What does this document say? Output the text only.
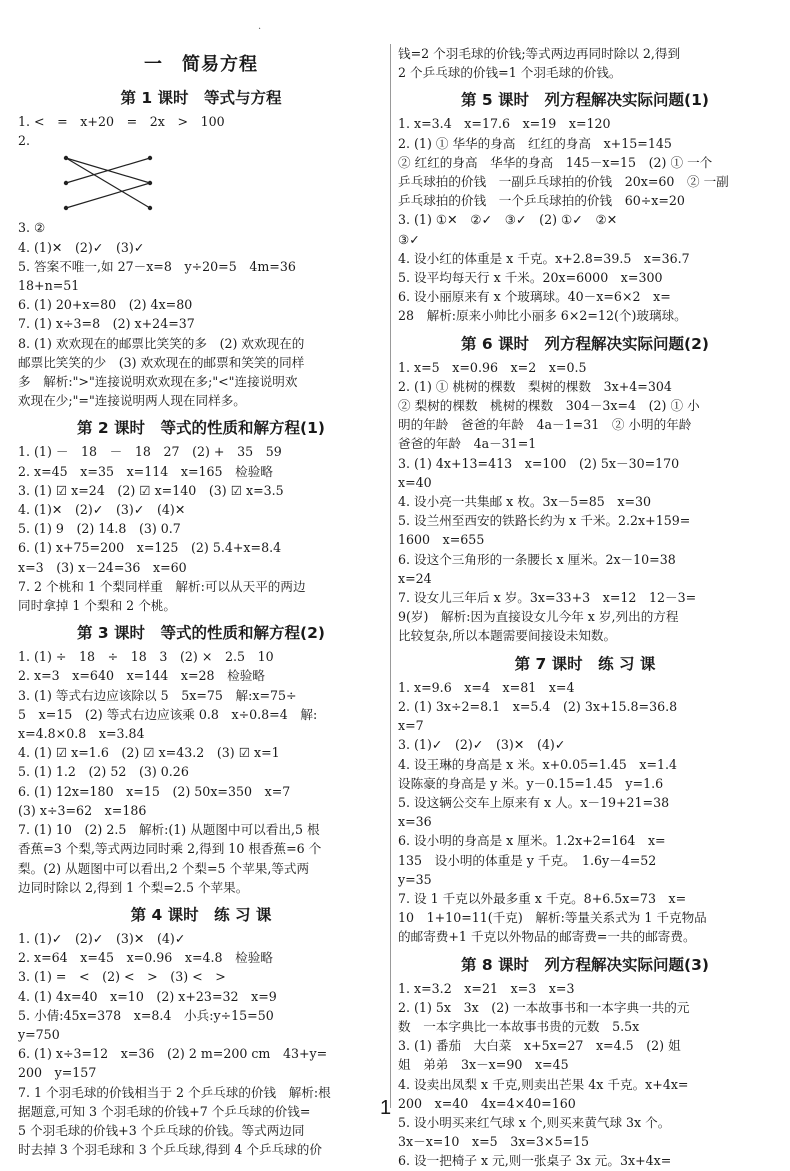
·
一　简易方程
第 1 课时　等式与方程
1. <　=　x+20　=　2x　>　100
2.
3. ②
4. (1)✕　(2)✓　(3)✓
5. 答案不唯一,如 27－x=8　y÷20=5　4m=36
18+n=51
6. (1) 20+x=80　(2) 4x=80
7. (1) x÷3=8　(2) x+24=37
8. (1) 欢欢现在的邮票比笑笑的多　(2) 欢欢现在的
邮票比笑笑的少　(3) 欢欢现在的邮票和笑笑的同样
多　解析:">"连接说明欢欢现在多;"<"连接说明欢
欢现在少;"="连接说明两人现在同样多。
第 2 课时　等式的性质和解方程(1)
1. (1) －　18　－　18　27　(2) +　35　59
2. x=45　x=35　x=114　x=165　检验略
3. (1) ☑ x=24　(2) ☑ x=140　(3) ☑ x=3.5
4. (1)✕　(2)✓　(3)✓　(4)✕
5. (1) 9　(2) 14.8　(3) 0.7
6. (1) x+75=200　x=125　(2) 5.4+x=8.4
x=3　(3) x－24=36　x=60
7. 2 个桃和 1 个梨同样重　解析:可以从天平的两边
同时拿掉 1 个梨和 2 个桃。
第 3 课时　等式的性质和解方程(2)
1. (1) ÷　18　÷　18　3　(2) ×　2.5　10
2. x=3　x=640　x=144　x=28　检验略
3. (1) 等式右边应该除以 5　5x=75　解:x=75÷
5　x=15　(2) 等式右边应该乘 0.8　x÷0.8=4　解:
x=4.8×0.8　x=3.84
4. (1) ☑ x=1.6　(2) ☑ x=43.2　(3) ☑ x=1
5. (1) 1.2　(2) 52　(3) 0.26
6. (1) 12x=180　x=15　(2) 50x=350　x=7
(3) x÷3=62　x=186
7. (1) 10　(2) 2.5　解析:(1) 从题图中可以看出,5 根
香蕉=3 个梨,等式两边同时乘 2,得到 10 根香蕉=6 个
梨。(2) 从题图中可以看出,2 个梨=5 个苹果,等式两
边同时除以 2,得到 1 个梨=2.5 个苹果。
第 4 课时　练 习 课
1. (1)✓　(2)✓　(3)✕　(4)✓
2. x=64　x=45　x=0.96　x=4.8　检验略
3. (1) =　<　(2) <　>　(3) <　>
4. (1) 4x=40　x=10　(2) x+23=32　x=9
5. 小倩:45x=378　x=8.4　小兵:y÷15=50
y=750
6. (1) x÷3=12　x=36　(2) 2 m=200 cm　43+y=
200　y=157
7. 1 个羽毛球的价钱相当于 2 个乒乓球的价钱　解析:根
据题意,可知 3 个羽毛球的价钱+7 个乒乓球的价钱=
5 个羽毛球的价钱+3 个乒乓球的价钱。等式两边同
时去掉 3 个羽毛球和 3 个乒乓球,得到 4 个乒乓球的价
钱=2 个羽毛球的价钱;等式两边再同时除以 2,得到
2 个乒乓球的价钱=1 个羽毛球的价钱。
第 5 课时　列方程解决实际问题(1)
1. x=3.4　x=17.6　x=19　x=120
2. (1) ① 华华的身高　红红的身高　x+15=145
② 红红的身高　华华的身高　145－x=15　(2) ① 一个
乒乓球拍的价钱　一副乒乓球拍的价钱　20x=60　② 一副
乒乓球拍的价钱　一个乒乓球拍的价钱　60÷x=20
3. (1) ①✕　②✓　③✓　(2) ①✓　②✕
③✓
4. 设小红的体重是 x 千克。x+2.8=39.5　x=36.7
5. 设平均每天行 x 千米。20x=6000　x=300
6. 设小丽原来有 x 个玻璃球。40－x=6×2　x=
28　解析:原来小帅比小丽多 6×2=12(个)玻璃球。
第 6 课时　列方程解决实际问题(2)
1. x=5　x=0.96　x=2　x=0.5
2. (1) ① 桃树的棵数　梨树的棵数　3x+4=304
② 梨树的棵数　桃树的棵数　304－3x=4　(2) ① 小
明的年龄　爸爸的年龄　4a－1=31　② 小明的年龄
爸爸的年龄　4a－31=1
3. (1) 4x+13=413　x=100　(2) 5x－30=170
x=40
4. 设小亮一共集邮 x 枚。3x－5=85　x=30
5. 设兰州至西安的铁路长约为 x 千米。2.2x+159=
1600　x=655
6. 设这个三角形的一条腰长 x 厘米。2x－10=38
x=24
7. 设女儿三年后 x 岁。3x=33+3　x=12　12－3=
9(岁)　解析:因为直接设女儿今年 x 岁,列出的方程
比较复杂,所以本题需要间接设未知数。
第 7 课时　练 习 课
1. x=9.6　x=4　x=81　x=4
2. (1) 3x÷2=8.1　x=5.4　(2) 3x+15.8=36.8
x=7
3. (1)✓　(2)✓　(3)✕　(4)✓
4. 设王琳的身高是 x 米。x+0.05=1.45　x=1.4
设陈豪的身高是 y 米。y－0.15=1.45　y=1.6
5. 设这辆公交车上原来有 x 人。x－19+21=38
x=36
6. 设小明的身高是 x 厘米。1.2x+2=164　x=
135　设小明的体重是 y 千克。　1.6y－4=52
y=35
7. 设 1 千克以外最多重 x 千克。8+6.5x=73　x=
10　1+10=11(千克)　解析:等量关系式为 1 千克物品
的邮寄费+1 千克以外物品的邮寄费=一共的邮寄费。
第 8 课时　列方程解决实际问题(3)
1. x=3.2　x=21　x=3　x=3
2. (1) 5x　3x　(2) 一本故事书和一本字典一共的元
数　一本字典比一本故事书贵的元数　5.5x
3. (1) 番茄　大白菜　x+5x=27　x=4.5　(2) 姐
姐　弟弟　3x－x=90　x=45
4. 设卖出凤梨 x 千克,则卖出芒果 4x 千克。x+4x=
200　x=40　4x=4×40=160
5. 设小明买来红气球 x 个,则买来黄气球 3x 个。
3x－x=10　x=5　3x=3×5=15
6. 设一把椅子 x 元,则一张桌子 3x 元。3x+4x=
1
